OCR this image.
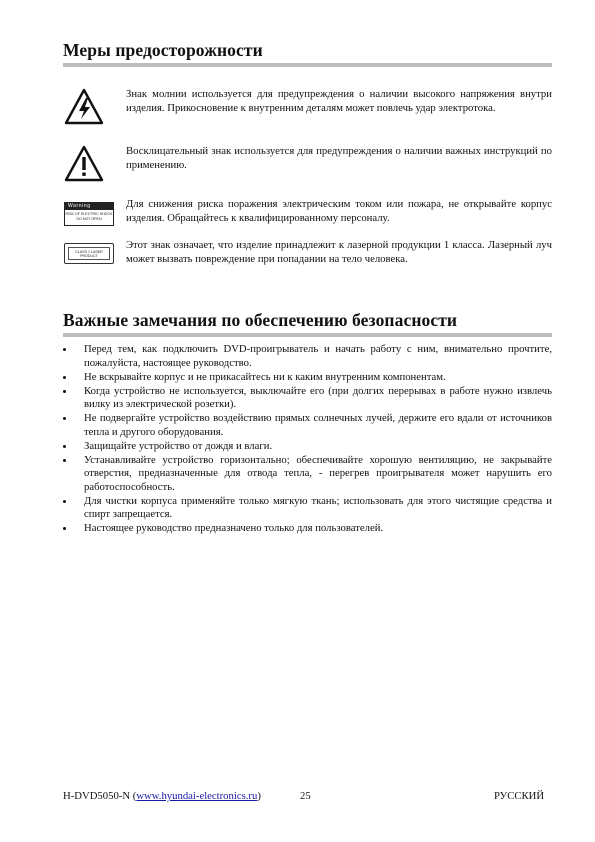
Меры предосторожности
Знак молнии используется для предупреждения о наличии высокого напряжения внутри изделия. Прикосновение к внутренним деталям может повлечь удар электротока.
Восклицательный знак используется для предупреждения о наличии важных инструкций по применению.
Warning
RISK OF ELECTRIC SHOCK DO NOT OPEN
Для снижения риска поражения электрическим током или пожара, не открывайте корпус изделия. Обращайтесь к квалифицированному персоналу.
CLASS 1 LASER PRODUCT
Этот знак означает, что изделие принадлежит к лазерной продукции 1 класса. Лазерный луч может вызвать повреждение при попадании на тело человека.
Важные замечания по обеспечению безопасности
Перед тем, как подключить DVD-проигрыватель и начать работу с ним, внимательно прочтите, пожалуйста, настоящее руководство.
Не вскрывайте корпус и не прикасайтесь ни к каким внутренним компонентам.
Когда устройство не используется, выключайте его (при долгих перерывах в работе нужно извлечь вилку из электрической розетки).
Не подвергайте устройство воздействию прямых солнечных лучей, держите его вдали от источников тепла и другого оборудования.
Защищайте устройство от дождя и влаги.
Устанавливайте устройство горизонтально; обеспечивайте хорошую вентиляцию, не закрывайте отверстия, предназначенные для отвода тепла, - перегрев проигрывателя может нарушить его работоспособность.
Для чистки корпуса применяйте только мягкую ткань; использовать для этого чистящие средства и спирт запрещается.
Настоящее руководство предназначено только для пользователей.
H-DVD5050-N (www.hyundai-electronics.ru)	25	РУССКИЙ
